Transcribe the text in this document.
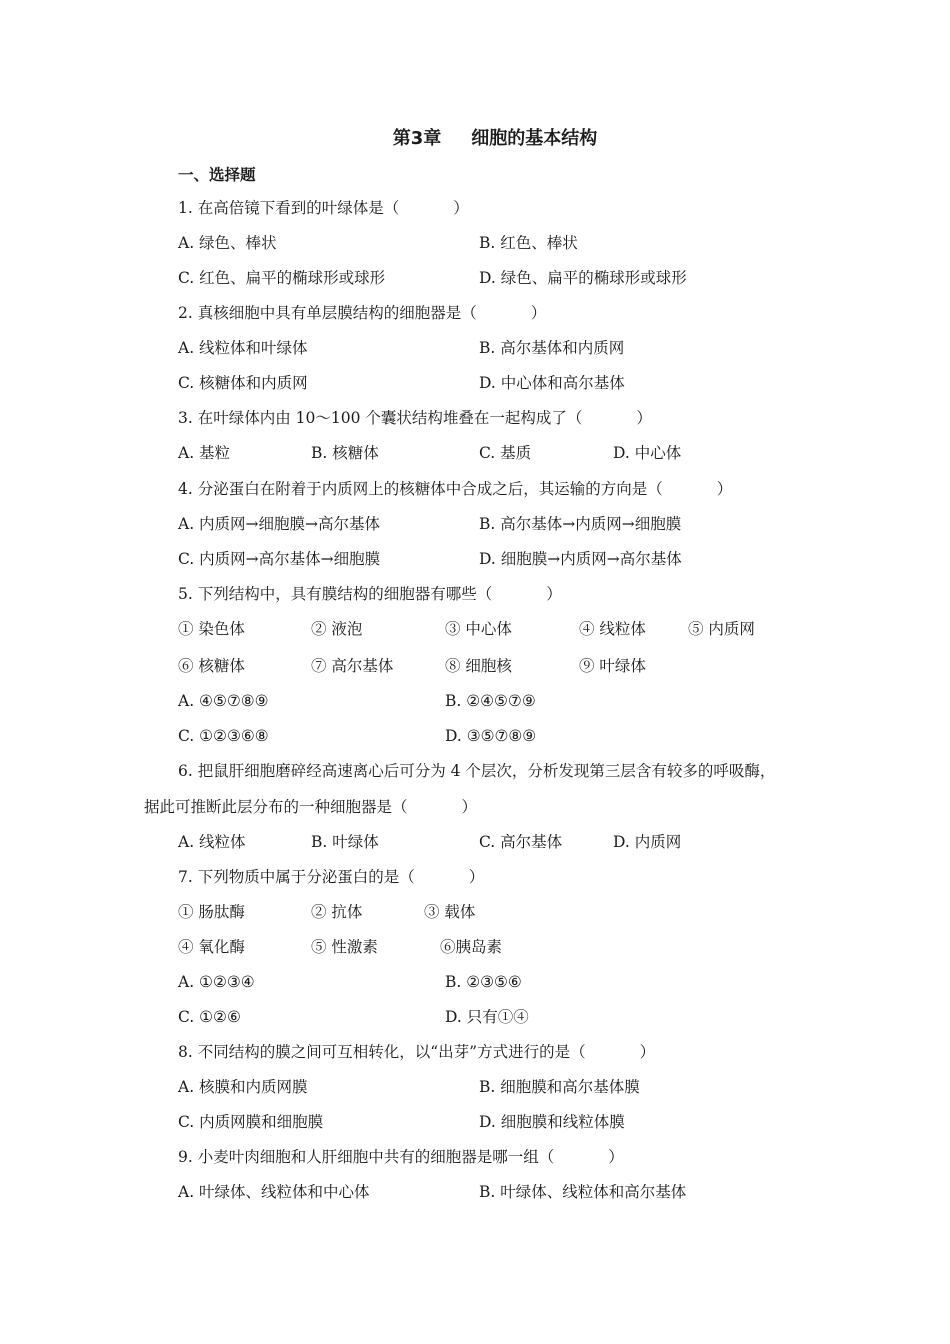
第3章 细胞的基本结构
一、选择题
1. 在高倍镜下看到的叶绿体是（	）
A. 绿色、棒状	B. 红色、棒状
C. 红色、扁平的椭球形或球形	D. 绿色、扁平的椭球形或球形
2. 真核细胞中具有单层膜结构的细胞器是（	）
A. 线粒体和叶绿体	B. 高尔基体和内质网
C. 核糖体和内质网	D. 中心体和高尔基体
3. 在叶绿体内由 10～100 个囊状结构堆叠在一起构成了（	）
A. 基粒	B. 核糖体	C. 基质	D. 中心体
4. 分泌蛋白在附着于内质网上的核糖体中合成之后，其运输的方向是（	）
A. 内质网→细胞膜→高尔基体	B. 高尔基体→内质网→细胞膜
C. 内质网→高尔基体→细胞膜	D. 细胞膜→内质网→高尔基体
5. 下列结构中，具有膜结构的细胞器有哪些（	）
① 染色体	② 液泡	③ 中心体	④ 线粒体	⑤ 内质网
⑥ 核糖体	⑦ 高尔基体	⑧ 细胞核	⑨ 叶绿体
A. ④⑤⑦⑧⑨	B. ②④⑤⑦⑨
C. ①②③⑥⑧	D. ③⑤⑦⑧⑨
6. 把鼠肝细胞磨碎经高速离心后可分为 4 个层次，分析发现第三层含有较多的呼吸酶，
据此可推断此层分布的一种细胞器是（	）
A. 线粒体	B. 叶绿体	C. 高尔基体	D. 内质网
7. 下列物质中属于分泌蛋白的是（	）
① 肠肽酶	② 抗体	③ 载体
④ 氧化酶	⑤ 性激素	⑥胰岛素
A. ①②③④	B. ②③⑤⑥
C. ①②⑥	D. 只有①④
8. 不同结构的膜之间可互相转化，以“出芽”方式进行的是（	）
A. 核膜和内质网膜	B. 细胞膜和高尔基体膜
C. 内质网膜和细胞膜	D. 细胞膜和线粒体膜
9. 小麦叶肉细胞和人肝细胞中共有的细胞器是哪一组（	）
A. 叶绿体、线粒体和中心体	B. 叶绿体、线粒体和高尔基体
